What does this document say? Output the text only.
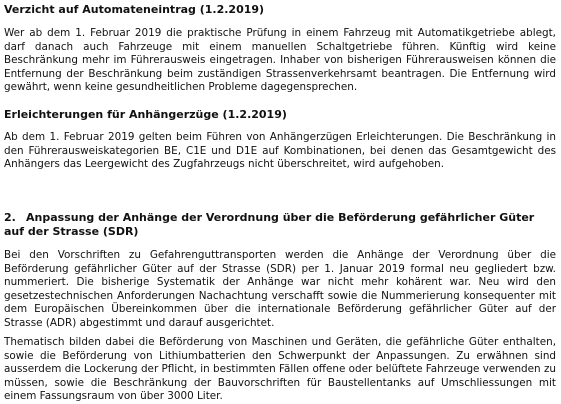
Verzicht auf Automateneintrag (1.2.2019)

Wer ab dem 1. Februar 2019 die praktische Prüfung in einem Fahrzeug mit Automatikgetriebe ablegt, darf danach auch Fahrzeuge mit einem manuellen Schaltgetriebe führen. Künftig wird keine Beschränkung mehr im Führerausweis eingetragen. Inhaber von bisherigen Führerausweisen können die Entfernung der Beschränkung beim zuständigen Strassenverkehrsamt beantragen. Die Entfernung wird gewährt, wenn keine gesundheitlichen Probleme dagegensprechen.

Erleichterungen für Anhängerzüge (1.2.2019)

Ab dem 1. Februar 2019 gelten beim Führen von Anhängerzügen Erleichterungen. Die Beschränkung in den Führerausweiskategorien BE, C1E und D1E auf Kombinationen, bei denen das Gesamtgewicht des Anhängers das Leergewicht des Zugfahrzeugs nicht überschreitet, wird aufgehoben.

2. Anpassung der Anhänge der Verordnung über die Beförderung gefährlicher Güter auf der Strasse (SDR)

Bei den Vorschriften zu Gefahrenguttransporten werden die Anhänge der Verordnung über die Beförderung gefährlicher Güter auf der Strasse (SDR) per 1. Januar 2019 formal neu gegliedert bzw. nummeriert. Die bisherige Systematik der Anhänge war nicht mehr kohärent war. Neu wird den gesetzestechnischen Anforderungen Nachachtung verschafft sowie die Nummerierung konsequenter mit dem Europäischen Übereinkommen über die internationale Beförderung gefährlicher Güter auf der Strasse (ADR) abgestimmt und darauf ausgerichtet.

Thematisch bilden dabei die Beförderung von Maschinen und Geräten, die gefährliche Güter enthalten, sowie die Beförderung von Lithiumbatterien den Schwerpunkt der Anpassungen. Zu erwähnen sind ausserdem die Lockerung der Pflicht, in bestimmten Fällen offene oder belüftete Fahrzeuge verwenden zu müssen, sowie die Beschränkung der Bauvorschriften für Baustellentanks auf Umschliessungen mit einem Fassungsraum von über 3000 Liter.
